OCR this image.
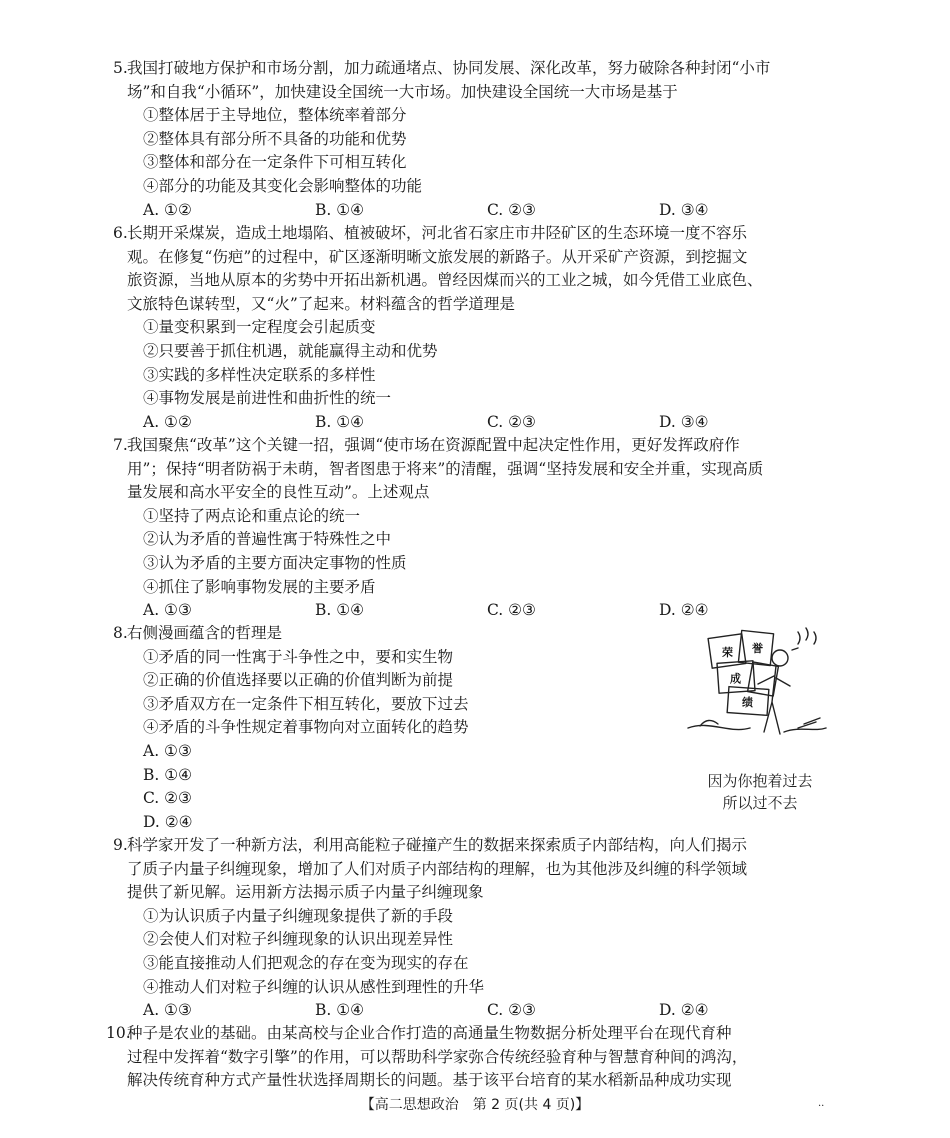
5. 我国打破地方保护和市场分割，加力疏通堵点、协同发展、深化改革，努力破除各种封闭“小市
场”和自我“小循环”，加快建设全国统一大市场。加快建设全国统一大市场是基于
①整体居于主导地位，整体统率着部分
②整体具有部分所不具备的功能和优势
③整体和部分在一定条件下可相互转化
④部分的功能及其变化会影响整体的功能
A. ①②	B. ①④	C. ②③	D. ③④
6. 长期开采煤炭，造成土地塌陷、植被破坏，河北省石家庄市井陉矿区的生态环境一度不容乐
观。在修复“伤疤”的过程中，矿区逐渐明晰文旅发展的新路子。从开采矿产资源，到挖掘文
旅资源，当地从原本的劣势中开拓出新机遇。曾经因煤而兴的工业之城，如今凭借工业底色、
文旅特色谋转型，又“火”了起来。材料蕴含的哲学道理是
①量变积累到一定程度会引起质变
②只要善于抓住机遇，就能赢得主动和优势
③实践的多样性决定联系的多样性
④事物发展是前进性和曲折性的统一
A. ①②	B. ①④	C. ②③	D. ③④
7. 我国聚焦“改革”这个关键一招，强调“使市场在资源配置中起决定性作用，更好发挥政府作
用”；保持“明者防祸于未萌，智者图患于将来”的清醒，强调“坚持发展和安全并重，实现高质
量发展和高水平安全的良性互动”。上述观点
①坚持了两点论和重点论的统一
②认为矛盾的普遍性寓于特殊性之中
③认为矛盾的主要方面决定事物的性质
④抓住了影响事物发展的主要矛盾
A. ①③	B. ①④	C. ②③	D. ②④
8. 右侧漫画蕴含的哲理是
①矛盾的同一性寓于斗争性之中，要和实生物
②正确的价值选择要以正确的价值判断为前提
③矛盾双方在一定条件下相互转化，要放下过去
④矛盾的斗争性规定着事物向对立面转化的趋势
A. ①③
B. ①④
C. ②③
D. ②④
荣 誉
成
绩
因为你抱着过去
所以过不去
9. 科学家开发了一种新方法，利用高能粒子碰撞产生的数据来探索质子内部结构，向人们揭示
了质子内量子纠缠现象，增加了人们对质子内部结构的理解，也为其他涉及纠缠的科学领域
提供了新见解。运用新方法揭示质子内量子纠缠现象
①为认识质子内量子纠缠现象提供了新的手段
②会使人们对粒子纠缠现象的认识出现差异性
③能直接推动人们把观念的存在变为现实的存在
④推动人们对粒子纠缠的认识从感性到理性的升华
A. ①③	B. ①④	C. ②③	D. ②④
10.
种子是农业的基础。由某高校与企业合作打造的高通量生物数据分析处理平台在现代育种
过程中发挥着“数字引擎”的作用，可以帮助科学家弥合传统经验育种与智慧育种间的鸿沟，
解决传统育种方式产量性状选择周期长的问题。基于该平台培育的某水稻新品种成功实现
【高二思想政治　第 2 页(共 4 页)】	..
